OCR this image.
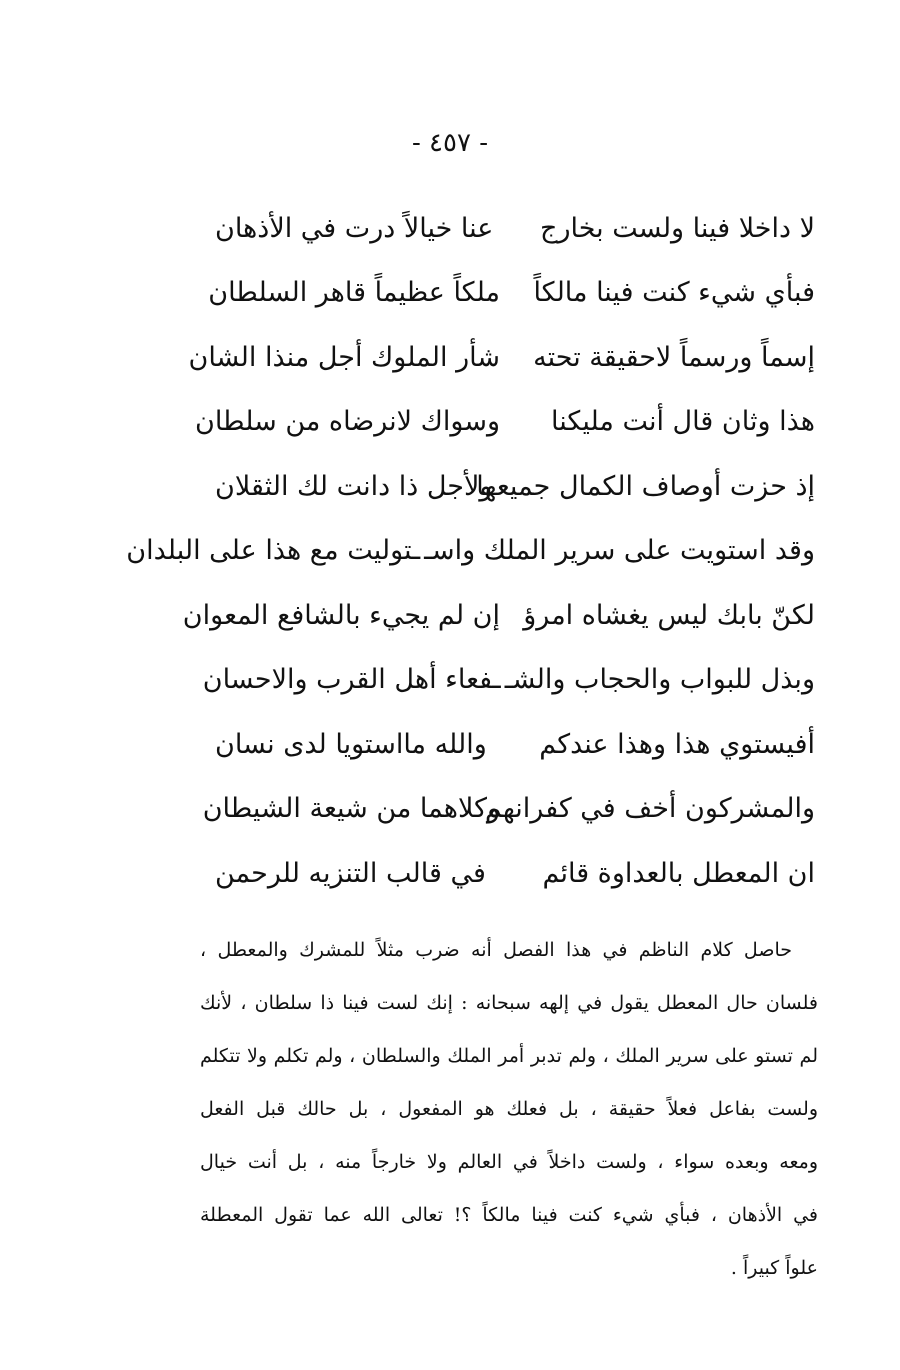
- ٤٥٧ -
لا داخلا فينا ولست بخارج
عنا خيالاً درت في الأذهان
فبأي شيء كنت فينا مالكاً
ملكاً عظيماً قاهر السلطان
إسماً ورسماً لاحقيقة تحته
شأر الملوك أجل منذا الشان
هذا وثان قال أنت مليكنا
وسواك لانرضاه من سلطان
إذ حزت أوصاف الكمال جميعها
ولأجل ذا دانت لك الثقلان
وقد استويت على سرير الملك واسـ
ـتوليت مع هذا على البلدان
لكنّ بابك ليس يغشاه امرؤ
إن لم يجيء بالشافع المعوان
وبذل للبواب والحجاب والشـ
ـفعاء أهل القرب والاحسان
أفيستوي هذا وهذا عندكم
والله مااستويا لدى نسان
والمشركون أخف في كفرانهم
وكلاهما من شيعة الشيطان
ان المعطل بالعداوة قائم
في قالب التنزيه للرحمن
حاصل كلام الناظم في هذا الفصل أنه ضرب مثلاً للمشرك والمعطل ،
فلسان حال المعطل يقول في إلهه سبحانه : إنك لست فينا ذا سلطان ، لأنك
لم تستو على سرير الملك ، ولم تدبر أمر الملك والسلطان ، ولم تكلم ولا تتكلم
ولست بفاعل فعلاً حقيقة ، بل فعلك هو المفعول ، بل حالك قبل الفعل
ومعه وبعده سواء ، ولست داخلاً في العالم ولا خارجاً منه ، بل أنت خيال
في الأذهان ، فبأي شيء كنت فينا مالكاً ؟! تعالى الله عما تقول المعطلة
علواً كبيراً .
